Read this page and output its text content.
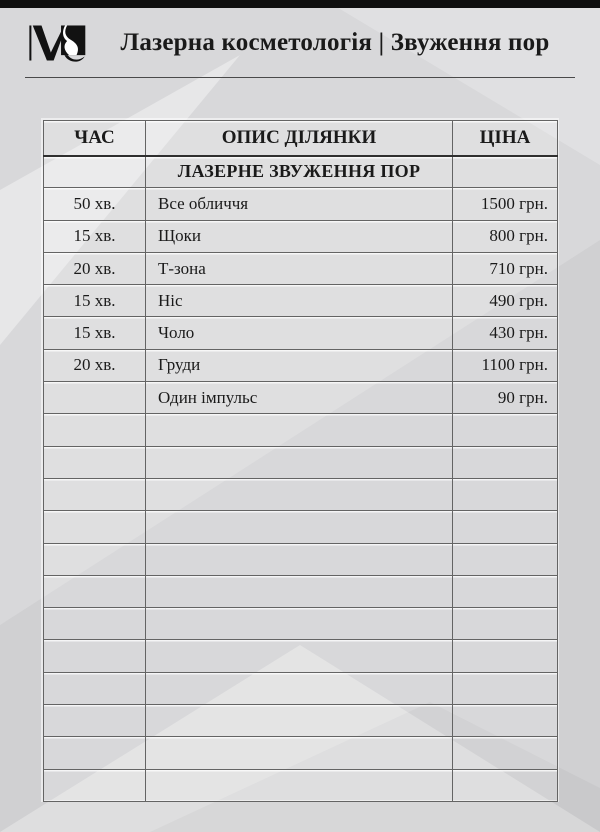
Лазерна косметологія | Звуження пор
ЧАС	ОПИС ДІЛЯНКИ	ЦІНА
	ЛАЗЕРНЕ ЗВУЖЕННЯ ПОР	
50 хв.	Все обличчя	1500 грн.
15 хв.	Щоки	800 грн.
20 хв.	Т-зона	710 грн.
15 хв.	Ніс	490 грн.
15 хв.	Чоло	430 грн.
20 хв.	Груди	1100 грн.
	Один імпульс	90 грн.
